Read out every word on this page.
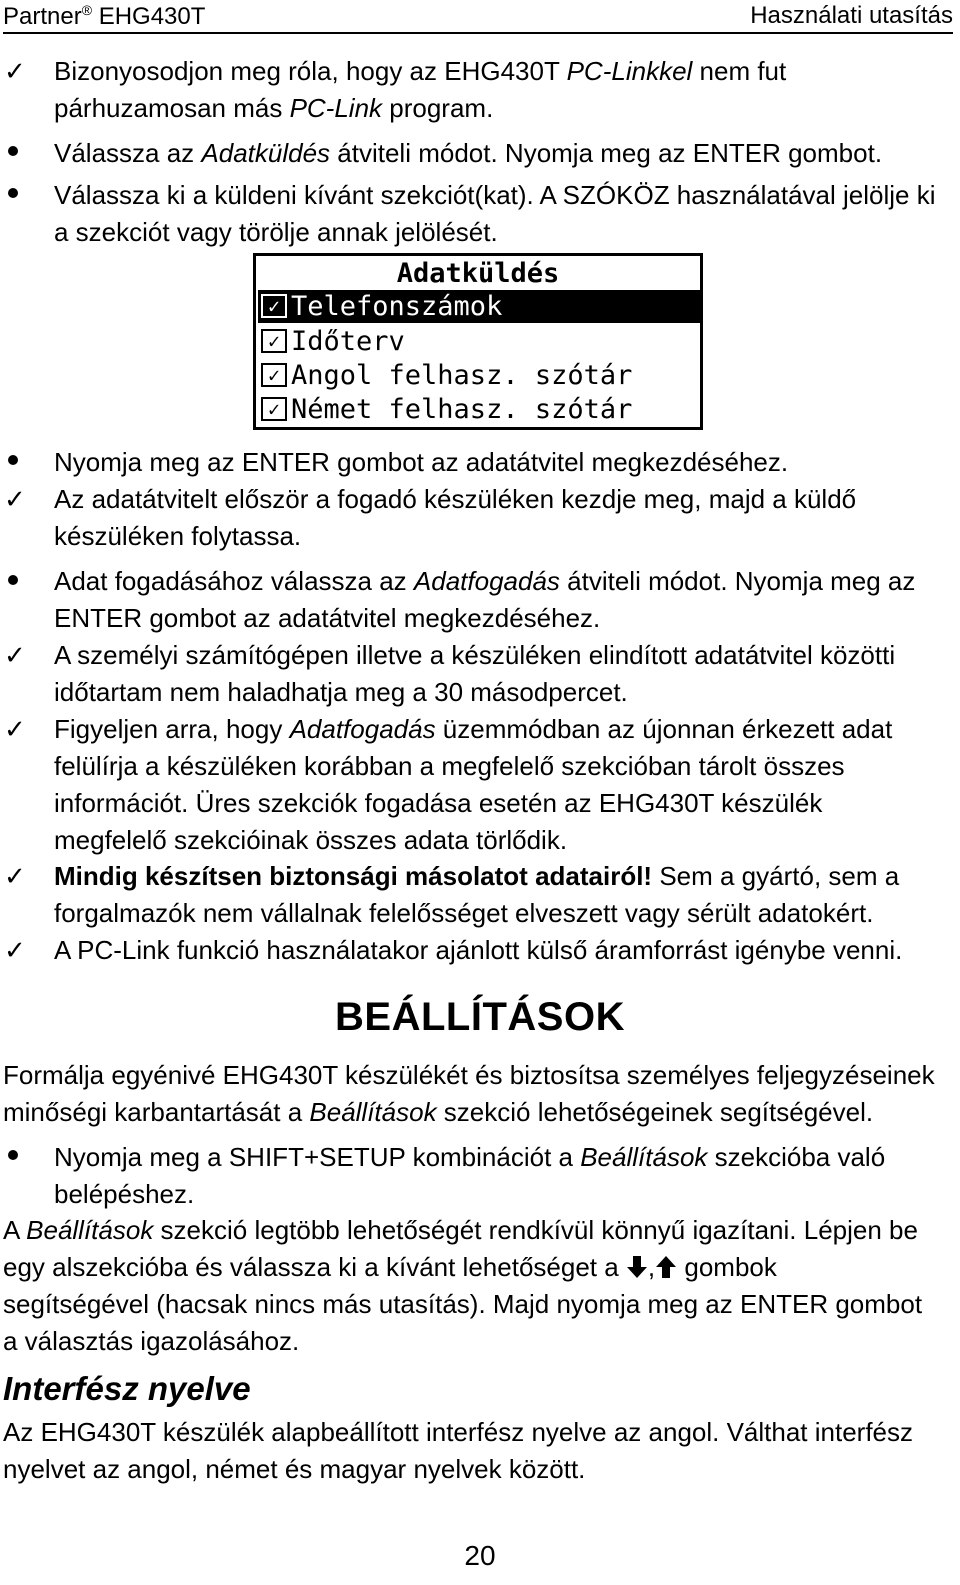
Partner® EHG430T	Használati utasítás
✓	Bizonyosodjon meg róla, hogy az EHG430T PC-Linkkel nem fut
párhuzamosan más PC-Link program.
Válassza az Adatküldés átviteli módot. Nyomja meg az ENTER gombot.
Válassza ki a küldeni kívánt szekciót(kat). A SZÓKÖZ használatával jelölje ki
a szekciót vagy törölje annak jelölését.
Adatküldés
✓ Telefonszámok
✓ Időterv
✓ Angol felhasz. szótár
✓ Német felhasz. szótár
Nyomja meg az ENTER gombot az adatátvitel megkezdéséhez.
✓	Az adatátvitelt először a fogadó készüléken kezdje meg, majd a küldő
készüléken folytassa.
Adat fogadásához válassza az Adatfogadás átviteli módot. Nyomja meg az
ENTER gombot az adatátvitel megkezdéséhez.
✓	A személyi számítógépen illetve a készüléken elindított adatátvitel közötti
időtartam nem haladhatja meg a 30 másodpercet.
✓	Figyeljen arra, hogy Adatfogadás üzemmódban az újonnan érkezett adat
felülírja a készüléken korábban a megfelelő szekcióban tárolt összes
információt. Üres szekciók fogadása esetén az EHG430T készülék
megfelelő szekcióinak összes adata törlődik.
✓	Mindig készítsen biztonsági másolatot adatairól! Sem a gyártó, sem a
forgalmazók nem vállalnak felelősséget elveszett vagy sérült adatokért.
✓	A PC-Link funkció használatakor ajánlott külső áramforrást igénybe venni.
BEÁLLÍTÁSOK
Formálja egyénivé EHG430T készülékét és biztosítsa személyes feljegyzéseinek
minőségi karbantartását a Beállítások szekció lehetőségeinek segítségével.
Nyomja meg a SHIFT+SETUP kombinációt a Beállítások szekcióba való
belépéshez.
A Beállítások szekció legtöbb lehetőségét rendkívül könnyű igazítani. Lépjen be
egy alszekcióba és válassza ki a kívánt lehetőséget a , gombok
segítségével (hacsak nincs más utasítás). Majd nyomja meg az ENTER gombot
a választás igazolásához.
Interfész nyelve
Az EHG430T készülék alapbeállított interfész nyelve az angol. Válthat interfész
nyelvet az angol, német és magyar nyelvek között.
20
